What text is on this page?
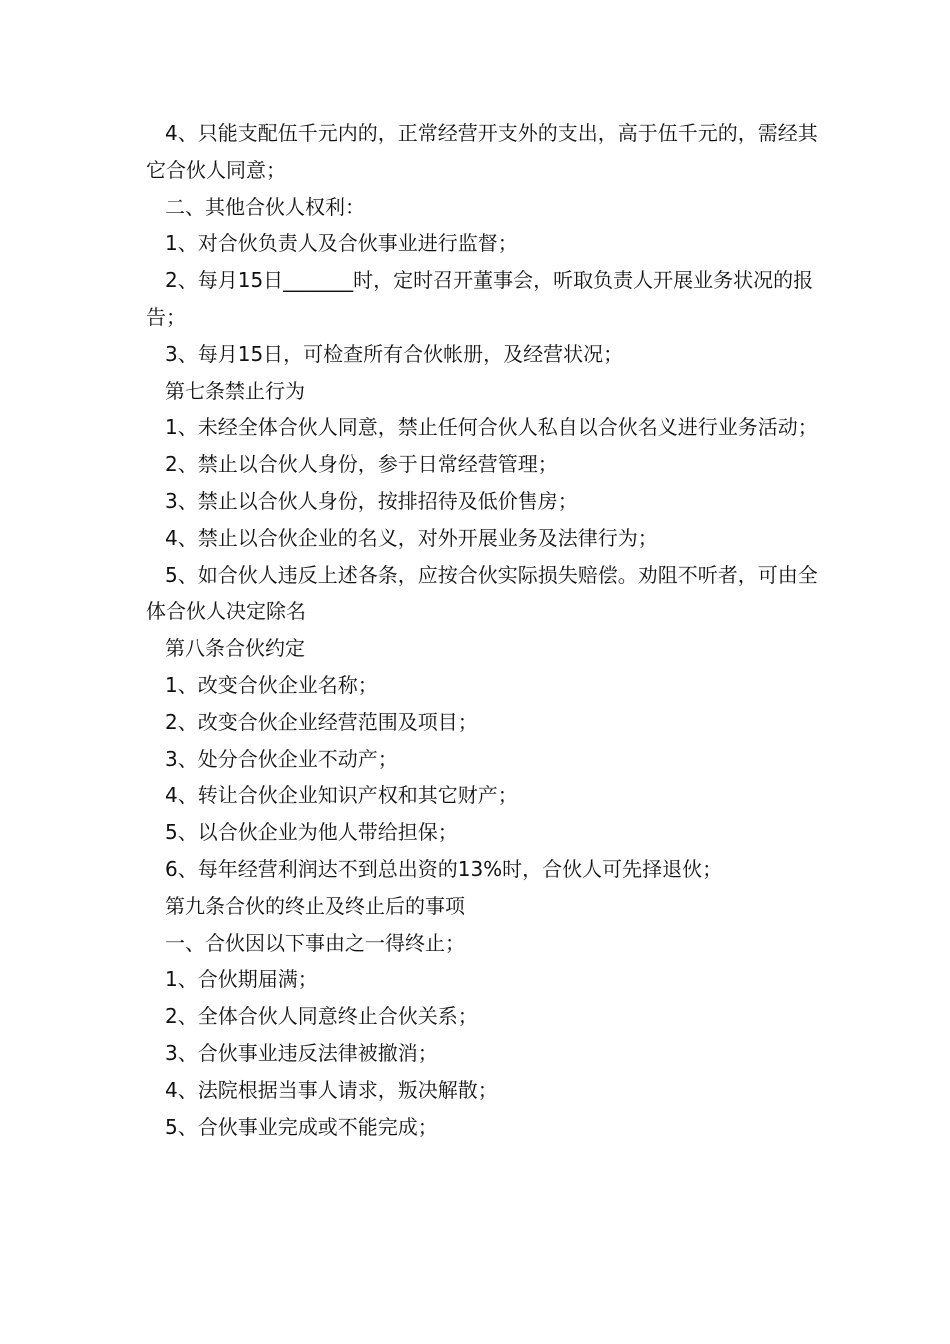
4、只能支配伍千元内的，正常经营开支外的支出，高于伍千元的，需经其它合伙人同意；

二、其他合伙人权利：

1、对合伙负责人及合伙事业进行监督；

2、每月15日_______时，定时召开董事会，听取负责人开展业务状况的报告；

3、每月15日，可检查所有合伙帐册，及经营状况；

第七条禁止行为

1、未经全体合伙人同意，禁止任何合伙人私自以合伙名义进行业务活动；

2、禁止以合伙人身份，参于日常经营管理；

3、禁止以合伙人身份，按排招待及低价售房；

4、禁止以合伙企业的名义，对外开展业务及法律行为；

5、如合伙人违反上述各条，应按合伙实际损失赔偿。劝阻不听者，可由全体合伙人决定除名

第八条合伙约定

1、改变合伙企业名称；

2、改变合伙企业经营范围及项目；

3、处分合伙企业不动产；

4、转让合伙企业知识产权和其它财产；

5、以合伙企业为他人带给担保；

6、每年经营利润达不到总出资的13%时，合伙人可先择退伙；

第九条合伙的终止及终止后的事项

一、合伙因以下事由之一得终止；

1、合伙期届满；

2、全体合伙人同意终止合伙关系；

3、合伙事业违反法律被撤消；

4、法院根据当事人请求，叛决解散；

5、合伙事业完成或不能完成；
